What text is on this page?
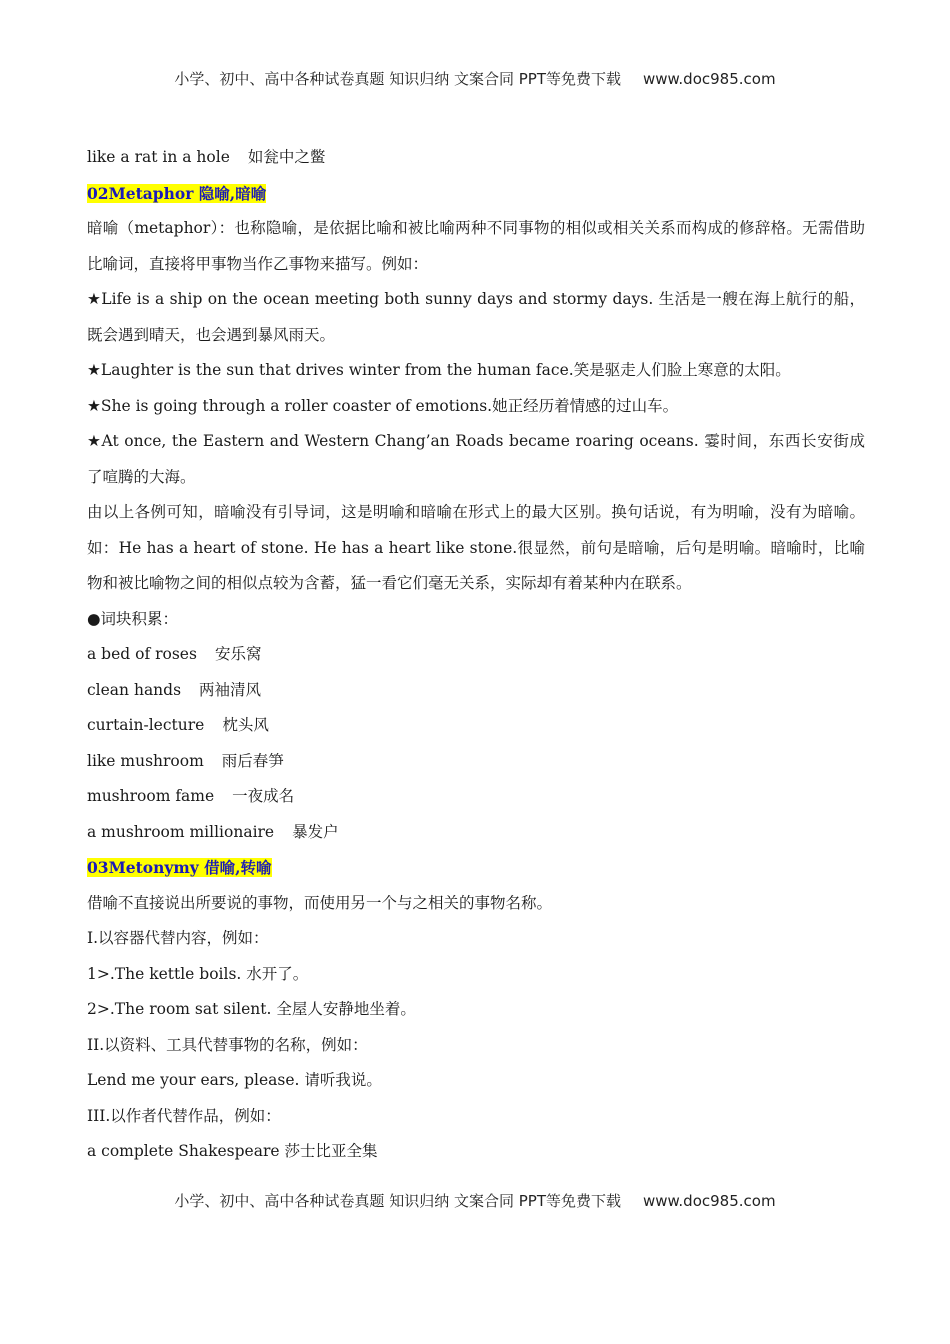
小学、初中、高中各种试卷真题 知识归纳 文案合同 PPT等免费下载 www.doc985.com
like a rat in a hole 如瓮中之鳖
02Metaphor 隐喻,暗喻
暗喻（metaphor）：也称隐喻，是依据比喻和被比喻两种不同事物的相似或相关关系而构成的修辞格。无需借助比喻词，直接将甲事物当作乙事物来描写。例如：
★Life is a ship on the ocean meeting both sunny days and stormy days. 生活是一艘在海上航行的船，既会遇到晴天，也会遇到暴风雨天。
★Laughter is the sun that drives winter from the human face.笑是驱走人们脸上寒意的太阳。
★She is going through a roller coaster of emotions.她正经历着情感的过山车。
★At once, the Eastern and Western Chang’an Roads became roaring oceans. 霎时间，东西长安街成了喧腾的大海。
由以上各例可知，暗喻没有引导词，这是明喻和暗喻在形式上的最大区别。换句话说，有为明喻，没有为暗喻。如：He has a heart of stone. He has a heart like stone.很显然，前句是暗喻，后句是明喻。暗喻时，比喻物和被比喻物之间的相似点较为含蓄，猛一看它们毫无关系，实际却有着某种内在联系。
●词块积累：
a bed of roses 安乐窝
clean hands 两袖清风
curtain-lecture 枕头风
like mushroom 雨后春笋
mushroom fame 一夜成名
a mushroom millionaire 暴发户
03Metonymy 借喻,转喻
借喻不直接说出所要说的事物，而使用另一个与之相关的事物名称。
I.以容器代替内容，例如：
1>.The kettle boils. 水开了。
2>.The room sat silent. 全屋人安静地坐着。
II.以资料、工具代替事物的名称，例如：
Lend me your ears, please. 请听我说。
III.以作者代替作品，例如：
a complete Shakespeare 莎士比亚全集
小学、初中、高中各种试卷真题 知识归纳 文案合同 PPT等免费下载 www.doc985.com
